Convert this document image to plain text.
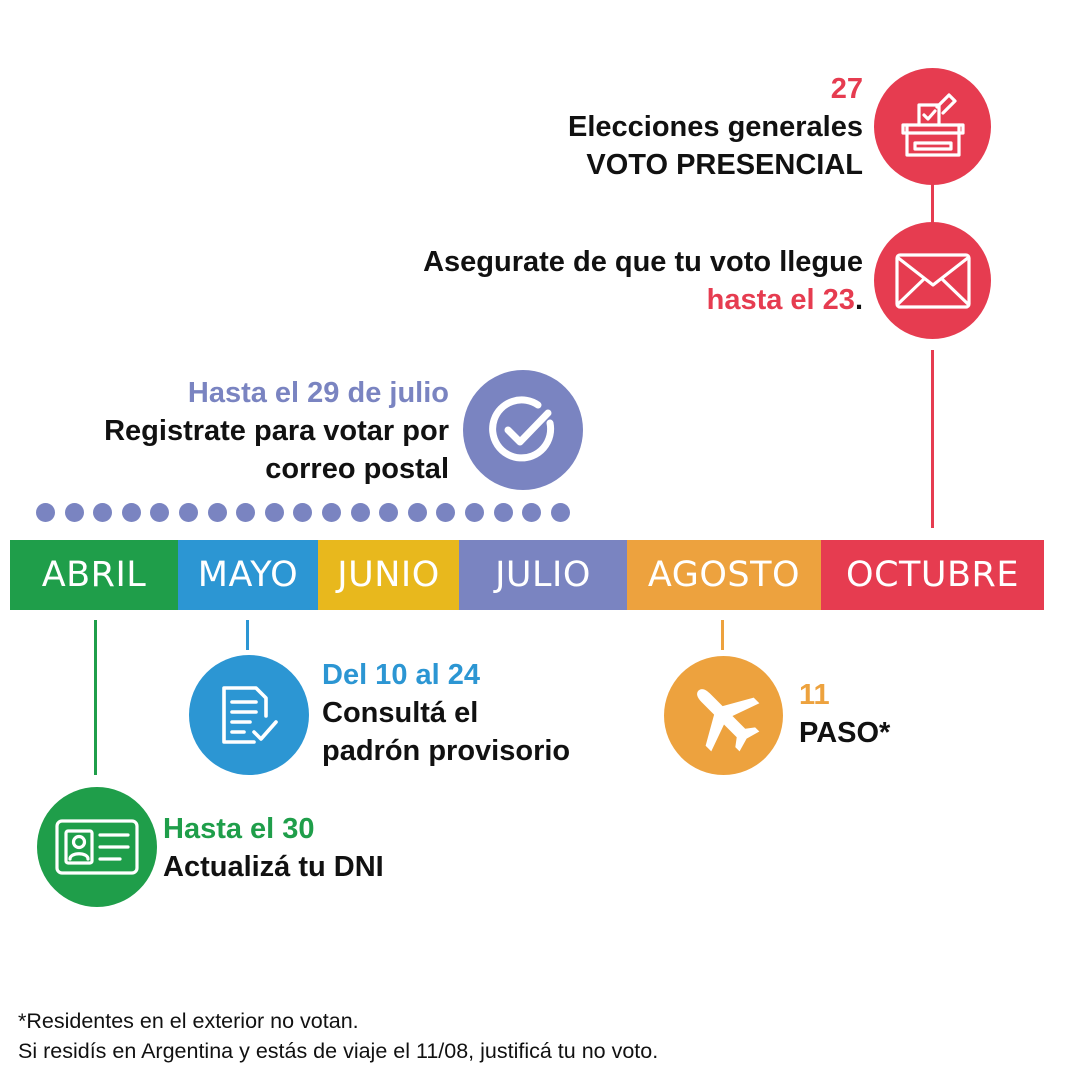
27
Elecciones generales
VOTO PRESENCIAL
Asegurate de que tu voto llegue
hasta el 23.
Hasta el 29 de julio
Registrate para votar por
correo postal
ABRIL	MAYO	JUNIO	JULIO	AGOSTO	OCTUBRE
Del 10 al 24
Consultá el
padrón provisorio
11
PASO*
Hasta el 30
Actualizá tu DNI
*Residentes en el exterior no votan.
Si residís en Argentina y estás de viaje el 11/08, justificá tu no voto.
